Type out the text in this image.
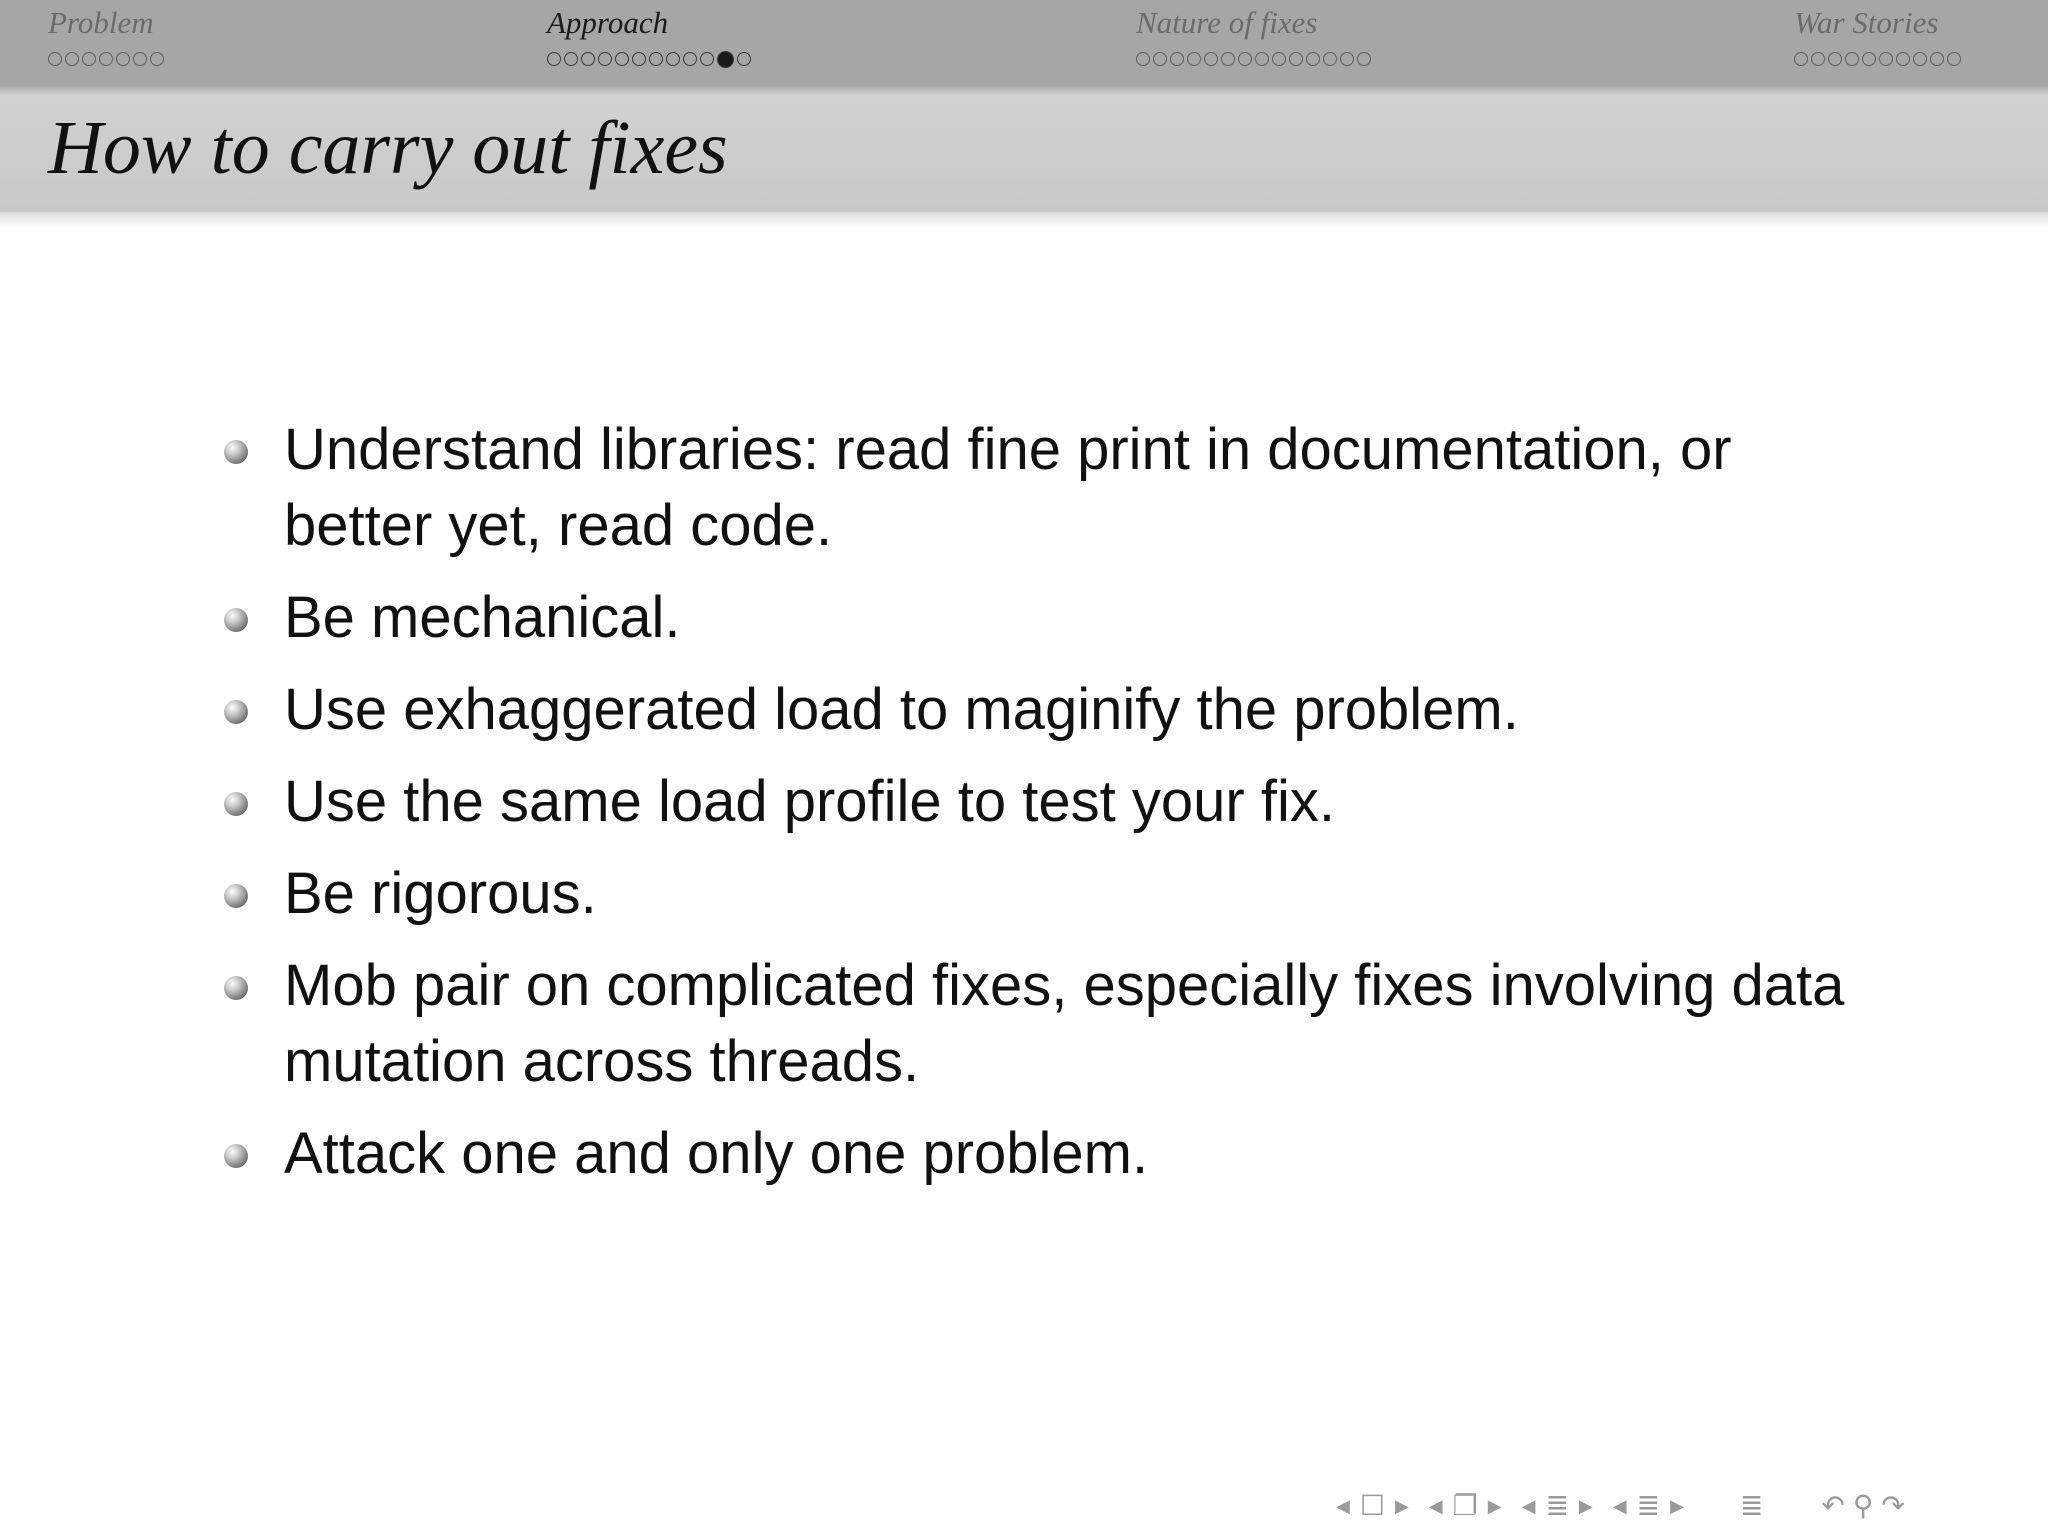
Problem	Approach	Nature of fixes	War Stories
How to carry out fixes
Understand libraries: read fine print in documentation, or better yet, read code.
Be mechanical.
Use exhaggerated load to maginify the problem.
Use the same load profile to test your fix.
Be rigorous.
Mob pair on complicated fixes, especially fixes involving data mutation across threads.
Attack one and only one problem.
◀ ☐ ▶ ◀ ❐ ▶ ◀ ≣ ▶ ◀ ≣ ▶ ≣ ↶ ⚲ ↷
